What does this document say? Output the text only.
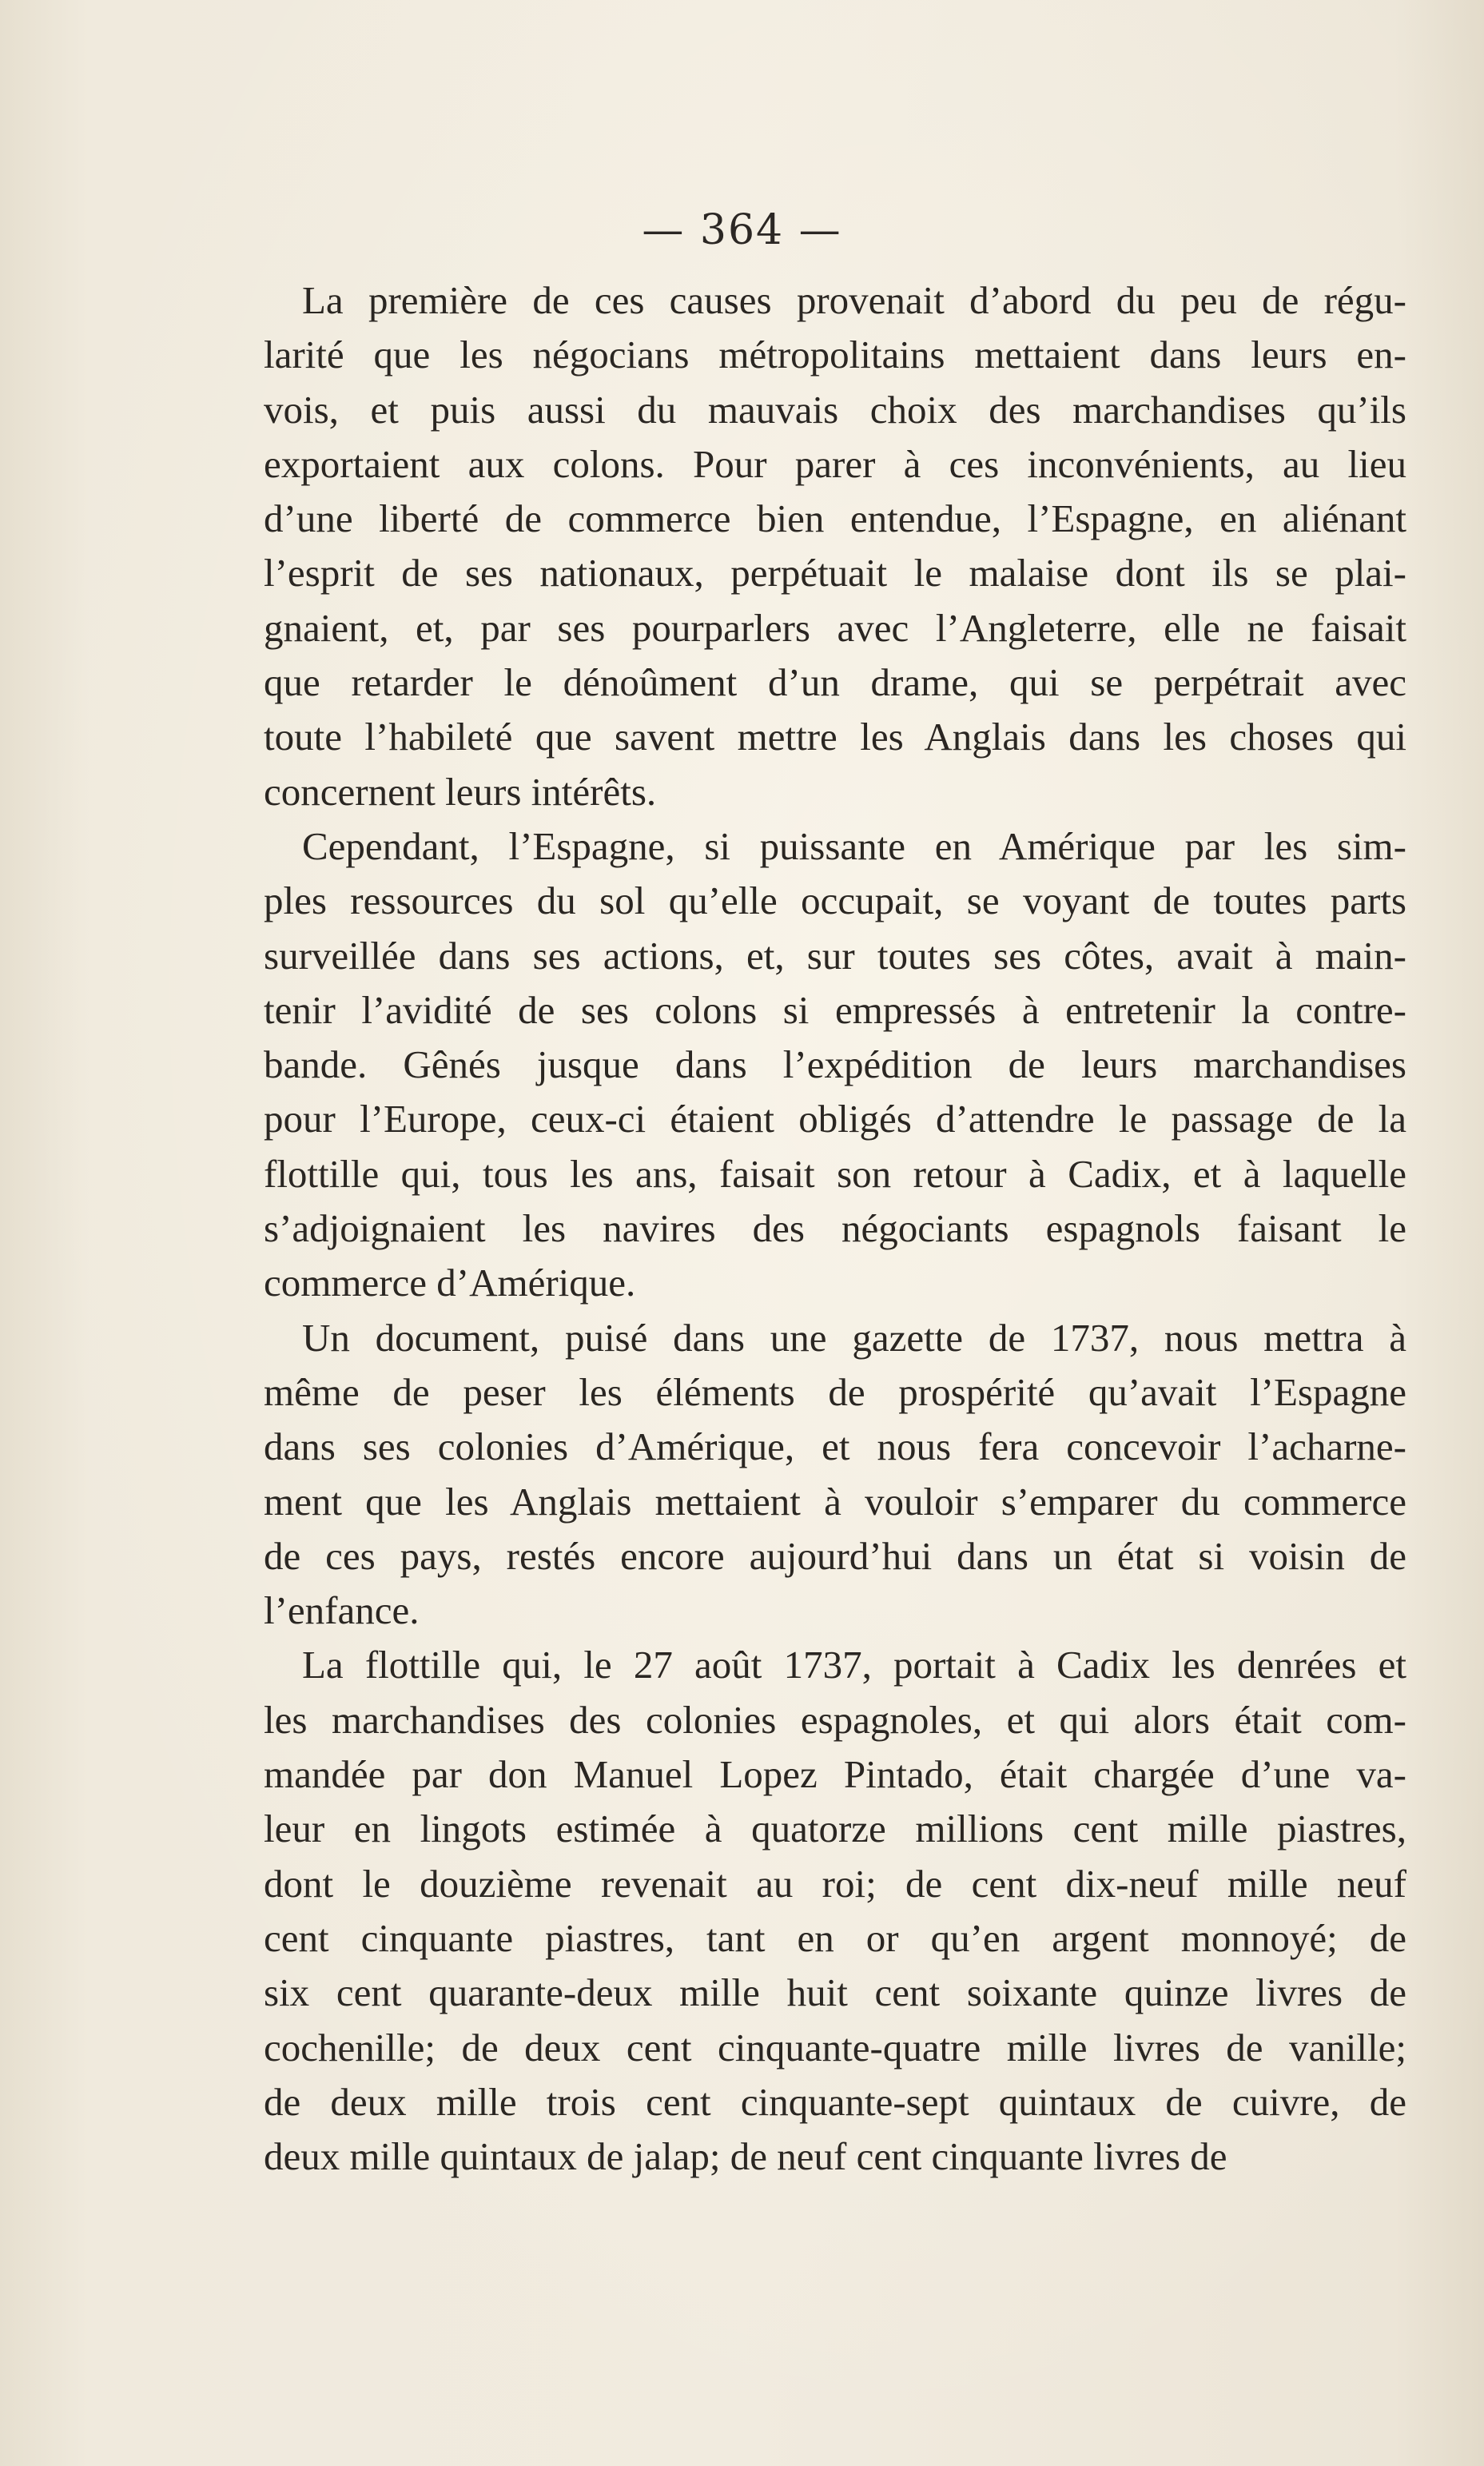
— 364 —
La première de ces causes provenait d’abord du peu de régu-
larité que les négocians métropolitains mettaient dans leurs en-
vois, et puis aussi du mauvais choix des marchandises qu’ils
exportaient aux colons. Pour parer à ces inconvénients, au lieu
d’une liberté de commerce bien entendue, l’Espagne, en aliénant
l’esprit de ses nationaux, perpétuait le malaise dont ils se plai-
gnaient, et, par ses pourparlers avec l’Angleterre, elle ne faisait
que retarder le dénoûment d’un drame, qui se perpétrait avec
toute l’habileté que savent mettre les Anglais dans les choses qui
concernent leurs intérêts.
Cependant, l’Espagne, si puissante en Amérique par les sim-
ples ressources du sol qu’elle occupait, se voyant de toutes parts
surveillée dans ses actions, et, sur toutes ses côtes, avait à main-
tenir l’avidité de ses colons si empressés à entretenir la contre-
bande. Gênés jusque dans l’expédition de leurs marchandises
pour l’Europe, ceux-ci étaient obligés d’attendre le passage de la
flottille qui, tous les ans, faisait son retour à Cadix, et à laquelle
s’adjoignaient les navires des négociants espagnols faisant le
commerce d’Amérique.
Un document, puisé dans une gazette de 1737, nous mettra à
même de peser les éléments de prospérité qu’avait l’Espagne
dans ses colonies d’Amérique, et nous fera concevoir l’acharne-
ment que les Anglais mettaient à vouloir s’emparer du commerce
de ces pays, restés encore aujourd’hui dans un état si voisin de
l’enfance.
La flottille qui, le 27 août 1737, portait à Cadix les denrées et
les marchandises des colonies espagnoles, et qui alors était com-
mandée par don Manuel Lopez Pintado, était chargée d’une va-
leur en lingots estimée à quatorze millions cent mille piastres,
dont le douzième revenait au roi; de cent dix-neuf mille neuf
cent cinquante piastres, tant en or qu’en argent monnoyé; de
six cent quarante-deux mille huit cent soixante quinze livres de
cochenille; de deux cent cinquante-quatre mille livres de vanille;
de deux mille trois cent cinquante-sept quintaux de cuivre, de
deux mille quintaux de jalap; de neuf cent cinquante livres de
